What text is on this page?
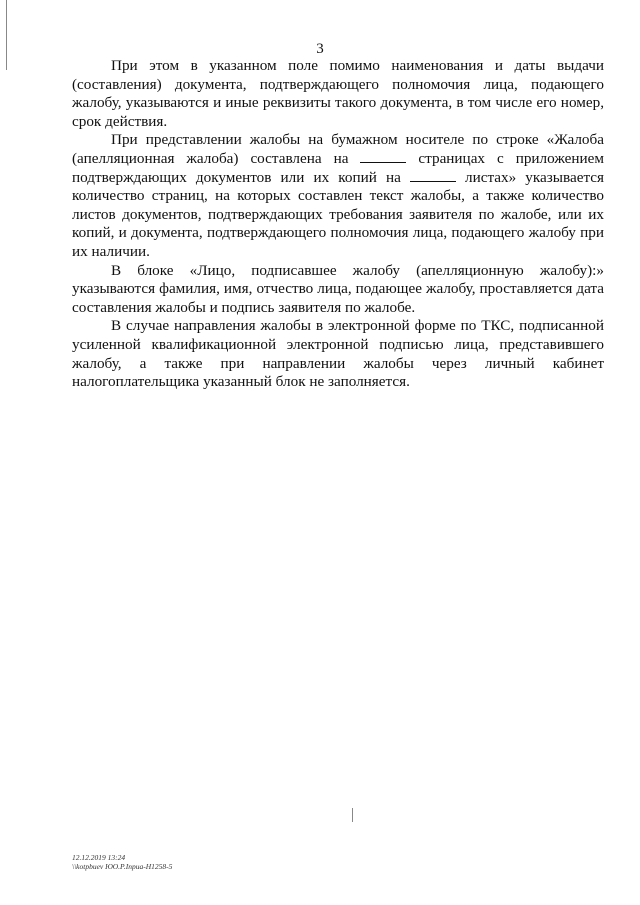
3

При этом в указанном поле помимо наименования и даты выдачи
(составления) документа, подтверждающего полномочия лица, подающего
жалобу, указываются и иные реквизиты такого документа, в том числе его номер,
срок действия.

При представлении жалобы на бумажном носителе по строке «Жалоба
(апелляционная жалоба) составлена на	страницах с приложением
подтверждающих документов или их копий на	листах» указывается
количество страниц, на которых составлен текст жалобы, а также количество
листов документов, подтверждающих требования заявителя по жалобе, или их
копий, и документа, подтверждающего полномочия лица, подающего жалобу при
их наличии.

В блоке «Лицо, подписавшее жалобу (апелляционную жалобу):»
указываются фамилия, имя, отчество лица, подающее жалобу, проставляется дата
составления жалобы и подпись заявителя по жалобе.

В случае направления жалобы в электронной форме по ТКС, подписанной
усиленной квалификационной электронной подписью лица, представившего
жалобу, а также при направлении жалобы через личный кабинет
налогоплательщика указанный блок не заполняется.

12.12.2019 13:24
\\kotpbuev ЮО.Р.Inpua-Н1258-5
